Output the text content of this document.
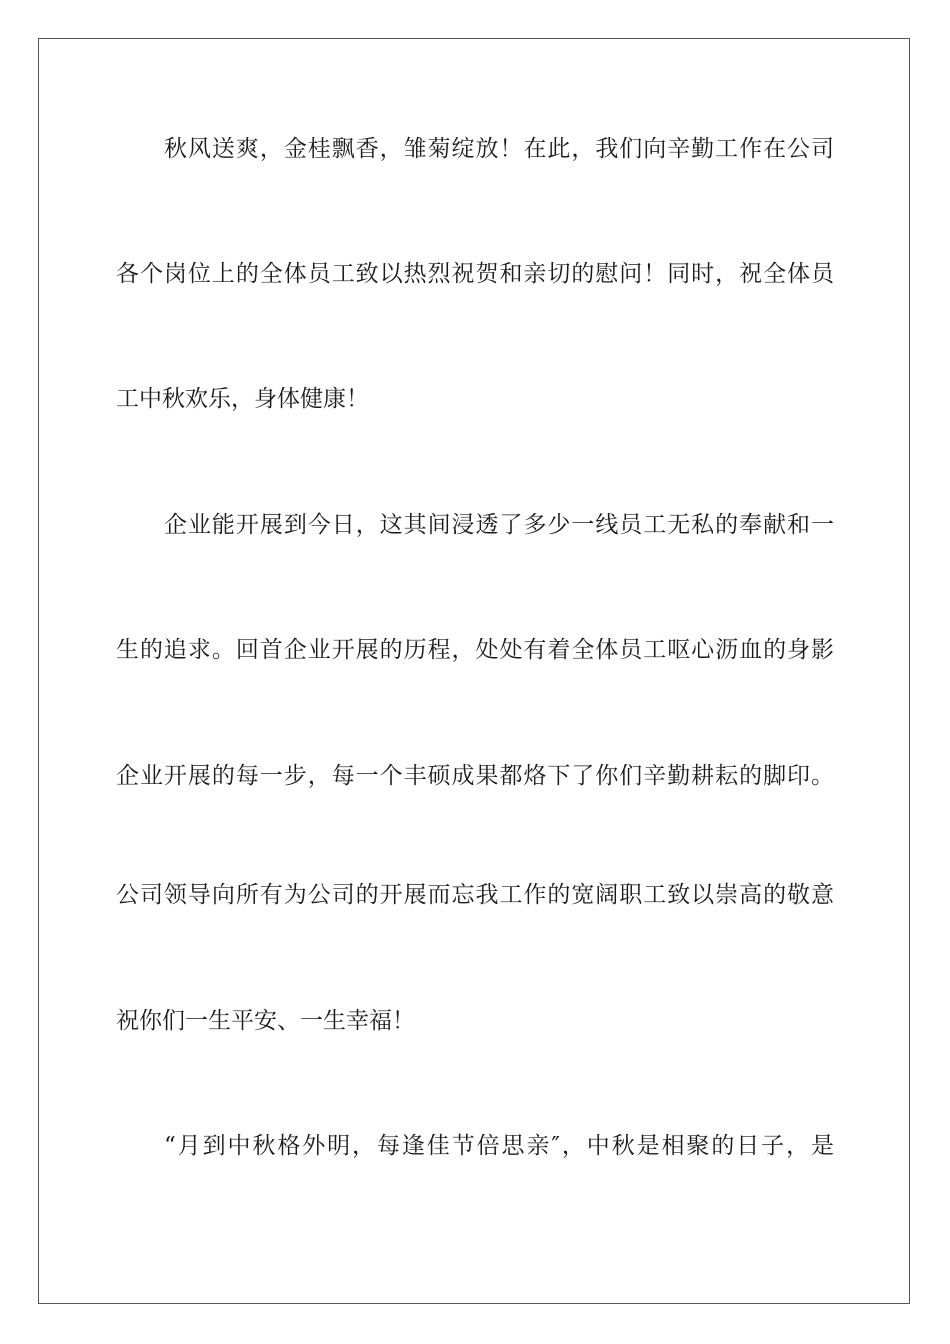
秋风送爽，金桂飘香，雏菊绽放！在此，我们向辛勤工作在公司
各个岗位上的全体员工致以热烈祝贺和亲切的慰问！同时，祝全体员
工中秋欢乐，身体健康！
企业能开展到今日，这其间浸透了多少一线员工无私的奉献和一
生的追求。回首企业开展的历程，处处有着全体员工呕心沥血的身影
企业开展的每一步，每一个丰硕成果都烙下了你们辛勤耕耘的脚印。
公司领导向所有为公司的开展而忘我工作的宽阔职工致以崇高的敬意
祝你们一生平安、一生幸福！
“月到中秋格外明，每逢佳节倍思亲″，中秋是相聚的日子，是
